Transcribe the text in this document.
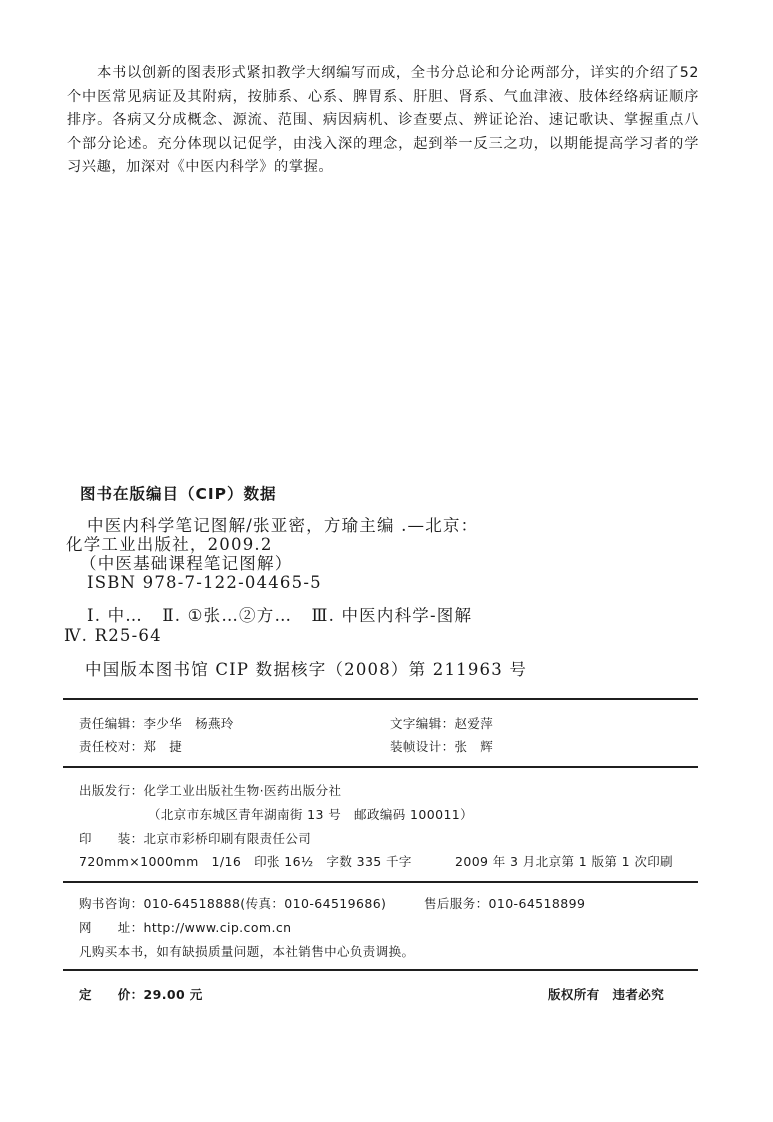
本书以创新的图表形式紧扣教学大纲编写而成，全书分总论和分论两部分，详实的介绍了52个中医常见病证及其附病，按肺系、心系、脾胃系、肝胆、肾系、气血津液、肢体经络病证顺序排序。各病又分成概念、源流、范围、病因病机、诊查要点、辨证论治、速记歌诀、掌握重点八个部分论述。充分体现以记促学，由浅入深的理念，起到举一反三之功，以期能提高学习者的学习兴趣，加深对《中医内科学》的掌握。
图书在版编目（CIP）数据
中医内科学笔记图解/张亚密，方瑜主编 .—北京：
化学工业出版社，2009.2
（中医基础课程笔记图解）
ISBN 978-7-122-04465-5
Ⅰ. 中…   Ⅱ. ①张…②方…   Ⅲ. 中医内科学-图解
Ⅳ. R25-64
中国版本图书馆 CIP 数据核字（2008）第 211963 号
责任编辑：李少华　杨燕玲	文字编辑：赵爱萍
责任校对：郑　捷	装帧设计：张　辉
出版发行：化学工业出版社生物·医药出版分社
（北京市东城区青年湖南街 13 号　邮政编码 100011）
印　　装：北京市彩桥印刷有限责任公司
720mm×1000mm　1/16　印张 16½　字数 335 千字	2009 年 3 月北京第 1 版第 1 次印刷
购书咨询：010-64518888(传真：010-64519686)	售后服务：010-64518899
网　　址：http://www.cip.com.cn
凡购买本书，如有缺损质量问题，本社销售中心负责调换。
定　　价：29.00 元	版权所有　违者必究
